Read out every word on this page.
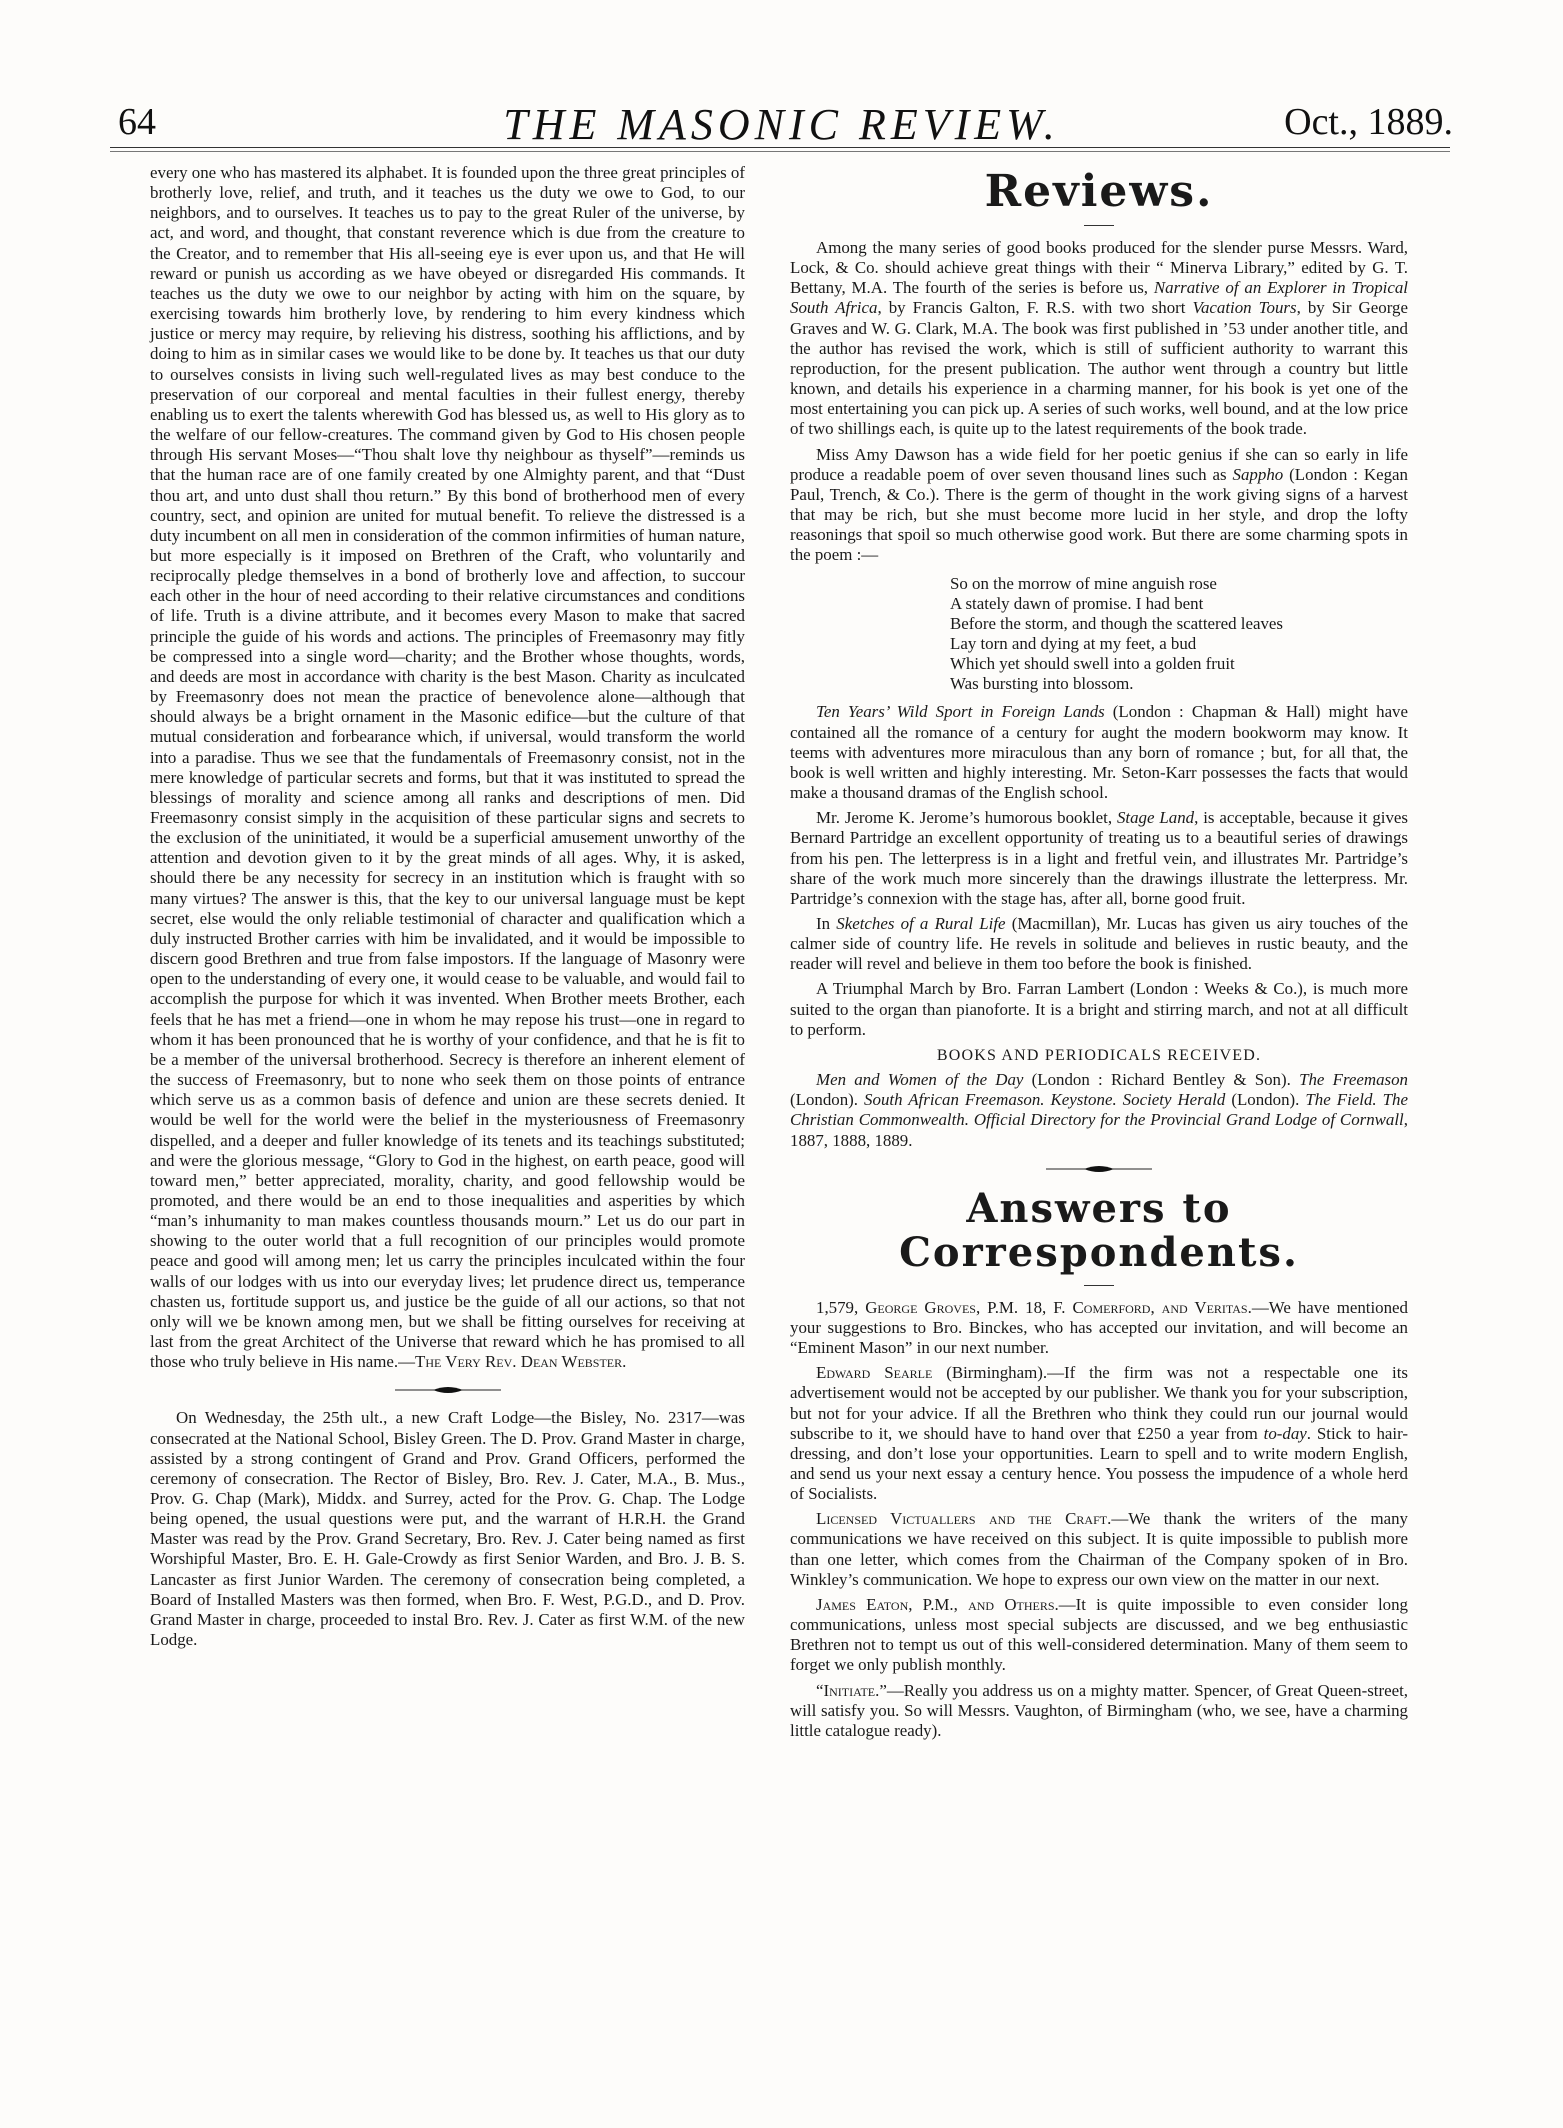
64	THE MASONIC REVIEW.	Oct., 1889.

every one who has mastered its alphabet. It is founded upon the three great principles of brotherly love, relief, and truth, and it teaches us the duty we owe to God, to our neighbors, and to ourselves. It teaches us to pay to the great Ruler of the universe, by act, and word, and thought, that constant reverence which is due from the creature to the Creator, and to remember that His all-seeing eye is ever upon us, and that He will reward or punish us according as we have obeyed or disregarded His commands. It teaches us the duty we owe to our neighbor by acting with him on the square, by exercising towards him brotherly love, by rendering to him every kindness which justice or mercy may require, by relieving his distress, soothing his afflictions, and by doing to him as in similar cases we would like to be done by. It teaches us that our duty to ourselves consists in living such well-regulated lives as may best conduce to the preservation of our corporeal and mental faculties in their fullest energy, thereby enabling us to exert the talents wherewith God has blessed us, as well to His glory as to the welfare of our fellow-creatures. The command given by God to His chosen people through His servant Moses—“Thou shalt love thy neighbour as thyself”—reminds us that the human race are of one family created by one Almighty parent, and that “Dust thou art, and unto dust shall thou return.” By this bond of brotherhood men of every country, sect, and opinion are united for mutual benefit. To relieve the distressed is a duty incumbent on all men in consideration of the common infirmities of human nature, but more especially is it imposed on Brethren of the Craft, who voluntarily and reciprocally pledge themselves in a bond of brotherly love and affection, to succour each other in the hour of need according to their relative circumstances and conditions of life. Truth is a divine attribute, and it becomes every Mason to make that sacred principle the guide of his words and actions. The principles of Freemasonry may fitly be compressed into a single word—charity; and the Brother whose thoughts, words, and deeds are most in accordance with charity is the best Mason. Charity as inculcated by Freemasonry does not mean the practice of benevolence alone—although that should always be a bright ornament in the Masonic edifice—but the culture of that mutual consideration and forbearance which, if universal, would transform the world into a paradise. Thus we see that the fundamentals of Freemasonry consist, not in the mere knowledge of particular secrets and forms, but that it was instituted to spread the blessings of morality and science among all ranks and descriptions of men. Did Freemasonry consist simply in the acquisition of these particular signs and secrets to the exclusion of the uninitiated, it would be a superficial amusement unworthy of the attention and devotion given to it by the great minds of all ages. Why, it is asked, should there be any necessity for secrecy in an institution which is fraught with so many virtues? The answer is this, that the key to our universal language must be kept secret, else would the only reliable testimonial of character and qualification which a duly instructed Brother carries with him be invalidated, and it would be impossible to discern good Brethren and true from false impostors. If the language of Masonry were open to the understanding of every one, it would cease to be valuable, and would fail to accomplish the purpose for which it was invented. When Brother meets Brother, each feels that he has met a friend—one in whom he may repose his trust—one in regard to whom it has been pronounced that he is worthy of your confidence, and that he is fit to be a member of the universal brotherhood. Secrecy is therefore an inherent element of the success of Freemasonry, but to none who seek them on those points of entrance which serve us as a common basis of defence and union are these secrets denied. It would be well for the world were the belief in the mysteriousness of Freemasonry dispelled, and a deeper and fuller knowledge of its tenets and its teachings substituted; and were the glorious message, “Glory to God in the highest, on earth peace, good will toward men,” better appreciated, morality, charity, and good fellowship would be promoted, and there would be an end to those inequalities and asperities by which “man’s inhumanity to man makes countless thousands mourn.” Let us do our part in showing to the outer world that a full recognition of our principles would promote peace and good will among men; let us carry the principles inculcated within the four walls of our lodges with us into our everyday lives; let prudence direct us, temperance chasten us, fortitude support us, and justice be the guide of all our actions, so that not only will we be known among men, but we shall be fitting ourselves for receiving at last from the great Architect of the Universe that reward which he has promised to all those who truly believe in His name.—The Very Rev. Dean Webster.

On Wednesday, the 25th ult., a new Craft Lodge—the Bisley, No. 2317—was consecrated at the National School, Bisley Green. The D. Prov. Grand Master in charge, assisted by a strong contingent of Grand and Prov. Grand Officers, performed the ceremony of consecration. The Rector of Bisley, Bro. Rev. J. Cater, M.A., B. Mus., Prov. G. Chap (Mark), Middx. and Surrey, acted for the Prov. G. Chap. The Lodge being opened, the usual questions were put, and the warrant of H.R.H. the Grand Master was read by the Prov. Grand Secretary, Bro. Rev. J. Cater being named as first Worshipful Master, Bro. E. H. Gale-Crowdy as first Senior Warden, and Bro. J. B. S. Lancaster as first Junior Warden. The ceremony of consecration being completed, a Board of Installed Masters was then formed, when Bro. F. West, P.G.D., and D. Prov. Grand Master in charge, proceeded to instal Bro. Rev. J. Cater as first W.M. of the new Lodge.

Reviews.

Among the many series of good books produced for the slender purse Messrs. Ward, Lock, & Co. should achieve great things with their “ Minerva Library,” edited by G. T. Bettany, M.A. The fourth of the series is before us, Narrative of an Explorer in Tropical South Africa, by Francis Galton, F. R.S. with two short Vacation Tours, by Sir George Graves and W. G. Clark, M.A. The book was first published in ’53 under another title, and the author has revised the work, which is still of sufficient authority to warrant this reproduction, for the present publication. The author went through a country but little known, and details his experience in a charming manner, for his book is yet one of the most entertaining you can pick up. A series of such works, well bound, and at the low price of two shillings each, is quite up to the latest requirements of the book trade.

Miss Amy Dawson has a wide field for her poetic genius if she can so early in life produce a readable poem of over seven thousand lines such as Sappho (London : Kegan Paul, Trench, & Co.). There is the germ of thought in the work giving signs of a harvest that may be rich, but she must become more lucid in her style, and drop the lofty reasonings that spoil so much otherwise good work. But there are some charming spots in the poem :—

So on the morrow of mine anguish rose
A stately dawn of promise. I had bent
Before the storm, and though the scattered leaves
Lay torn and dying at my feet, a bud
Which yet should swell into a golden fruit
Was bursting into blossom.

Ten Years’ Wild Sport in Foreign Lands (London : Chapman & Hall) might have contained all the romance of a century for aught the modern bookworm may know. It teems with adventures more miraculous than any born of romance ; but, for all that, the book is well written and highly interesting. Mr. Seton-Karr possesses the facts that would make a thousand dramas of the English school.

Mr. Jerome K. Jerome’s humorous booklet, Stage Land, is acceptable, because it gives Bernard Partridge an excellent opportunity of treating us to a beautiful series of drawings from his pen. The letterpress is in a light and fretful vein, and illustrates Mr. Partridge’s share of the work much more sincerely than the drawings illustrate the letterpress. Mr. Partridge’s connexion with the stage has, after all, borne good fruit.

In Sketches of a Rural Life (Macmillan), Mr. Lucas has given us airy touches of the calmer side of country life. He revels in solitude and believes in rustic beauty, and the reader will revel and believe in them too before the book is finished.

A Triumphal March by Bro. Farran Lambert (London : Weeks & Co.), is much more suited to the organ than pianoforte. It is a bright and stirring march, and not at all difficult to perform.

BOOKS AND PERIODICALS RECEIVED.

Men and Women of the Day (London : Richard Bentley & Son). The Freemason (London). South African Freemason. Keystone. Society Herald (London). The Field. The Christian Commonwealth. Official Directory for the Provincial Grand Lodge of Cornwall, 1887, 1888, 1889.

Answers to Correspondents.

1,579, George Groves, P.M. 18, F. Comerford, and Veritas.—We have mentioned your suggestions to Bro. Binckes, who has accepted our invitation, and will become an “Eminent Mason” in our next number.

Edward Searle (Birmingham).—If the firm was not a respectable one its advertisement would not be accepted by our publisher. We thank you for your subscription, but not for your advice. If all the Brethren who think they could run our journal would subscribe to it, we should have to hand over that £250 a year from to-day. Stick to hair-dressing, and don’t lose your opportunities. Learn to spell and to write modern English, and send us your next essay a century hence. You possess the impudence of a whole herd of Socialists.

Licensed Victuallers and the Craft.—We thank the writers of the many communications we have received on this subject. It is quite impossible to publish more than one letter, which comes from the Chairman of the Company spoken of in Bro. Winkley’s communication. We hope to express our own view on the matter in our next.

James Eaton, P.M., and Others.—It is quite impossible to even consider long communications, unless most special subjects are discussed, and we beg enthusiastic Brethren not to tempt us out of this well-considered determination. Many of them seem to forget we only publish monthly.

“Initiate.”—Really you address us on a mighty matter. Spencer, of Great Queen-street, will satisfy you. So will Messrs. Vaughton, of Birmingham (who, we see, have a charming little catalogue ready).
